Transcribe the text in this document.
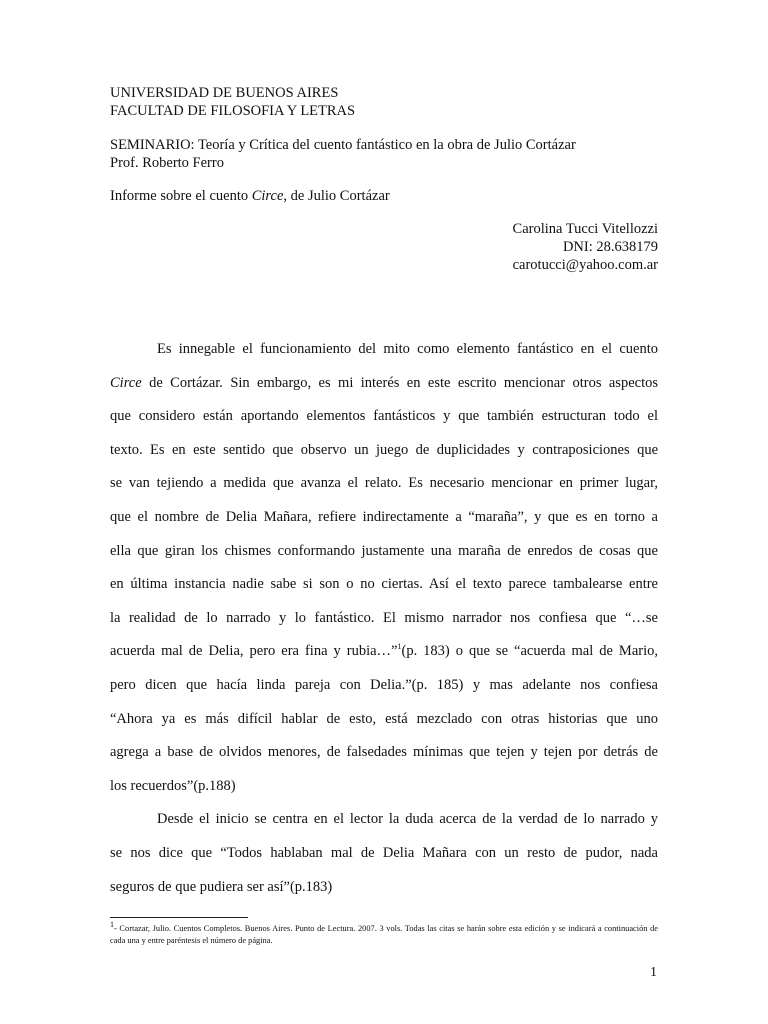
UNIVERSIDAD DE BUENOS AIRES
FACULTAD DE FILOSOFIA Y LETRAS
SEMINARIO: Teoría y Crítica del cuento fantástico en la obra de Julio Cortázar
Prof. Roberto Ferro
Informe sobre el cuento Circe, de Julio Cortázar
Carolina Tucci Vitellozzi
DNI: 28.638179
carotucci@yahoo.com.ar
Es innegable el funcionamiento del mito como elemento fantástico en el cuento
Circe de Cortázar. Sin embargo, es mi interés en este escrito mencionar otros aspectos
que considero están aportando elementos fantásticos y que también estructuran todo el
texto. Es en este sentido que observo un juego de duplicidades y contraposiciones que
se van tejiendo a medida que avanza el relato. Es necesario mencionar en primer lugar,
que el nombre de Delia Mañara, refiere indirectamente a “maraña”, y que es en torno a
ella que giran los chismes conformando justamente una maraña de enredos de cosas que
en última instancia nadie sabe si son o no ciertas. Así el texto parece tambalearse entre
la realidad de lo narrado y lo fantástico. El mismo narrador nos confiesa que “…se
acuerda mal de Delia, pero era fina y rubia…”$^1$(p. 183) o que se “acuerda mal de Mario,
pero dicen que hacía linda pareja con Delia.”(p. 185) y mas adelante nos confiesa
“Ahora ya es más difícil hablar de esto, está mezclado con otras historias que uno
agrega a base de olvidos menores, de falsedades mínimas que tejen y tejen por detrás de
los recuerdos”(p.188)
Desde el inicio se centra en el lector la duda acerca de la verdad de lo narrado y
se nos dice que “Todos hablaban mal de Delia Mañara con un resto de pudor, nada
seguros de que pudiera ser así”(p.183)
$^1$- Cortazar, Julio. Cuentos Completos. Buenos Aires. Punto de Lectura. 2007. 3 vols. Todas las citas se harán sobre esta edición y se indicará a continuación de cada una y entre paréntesis el número de página.
1
